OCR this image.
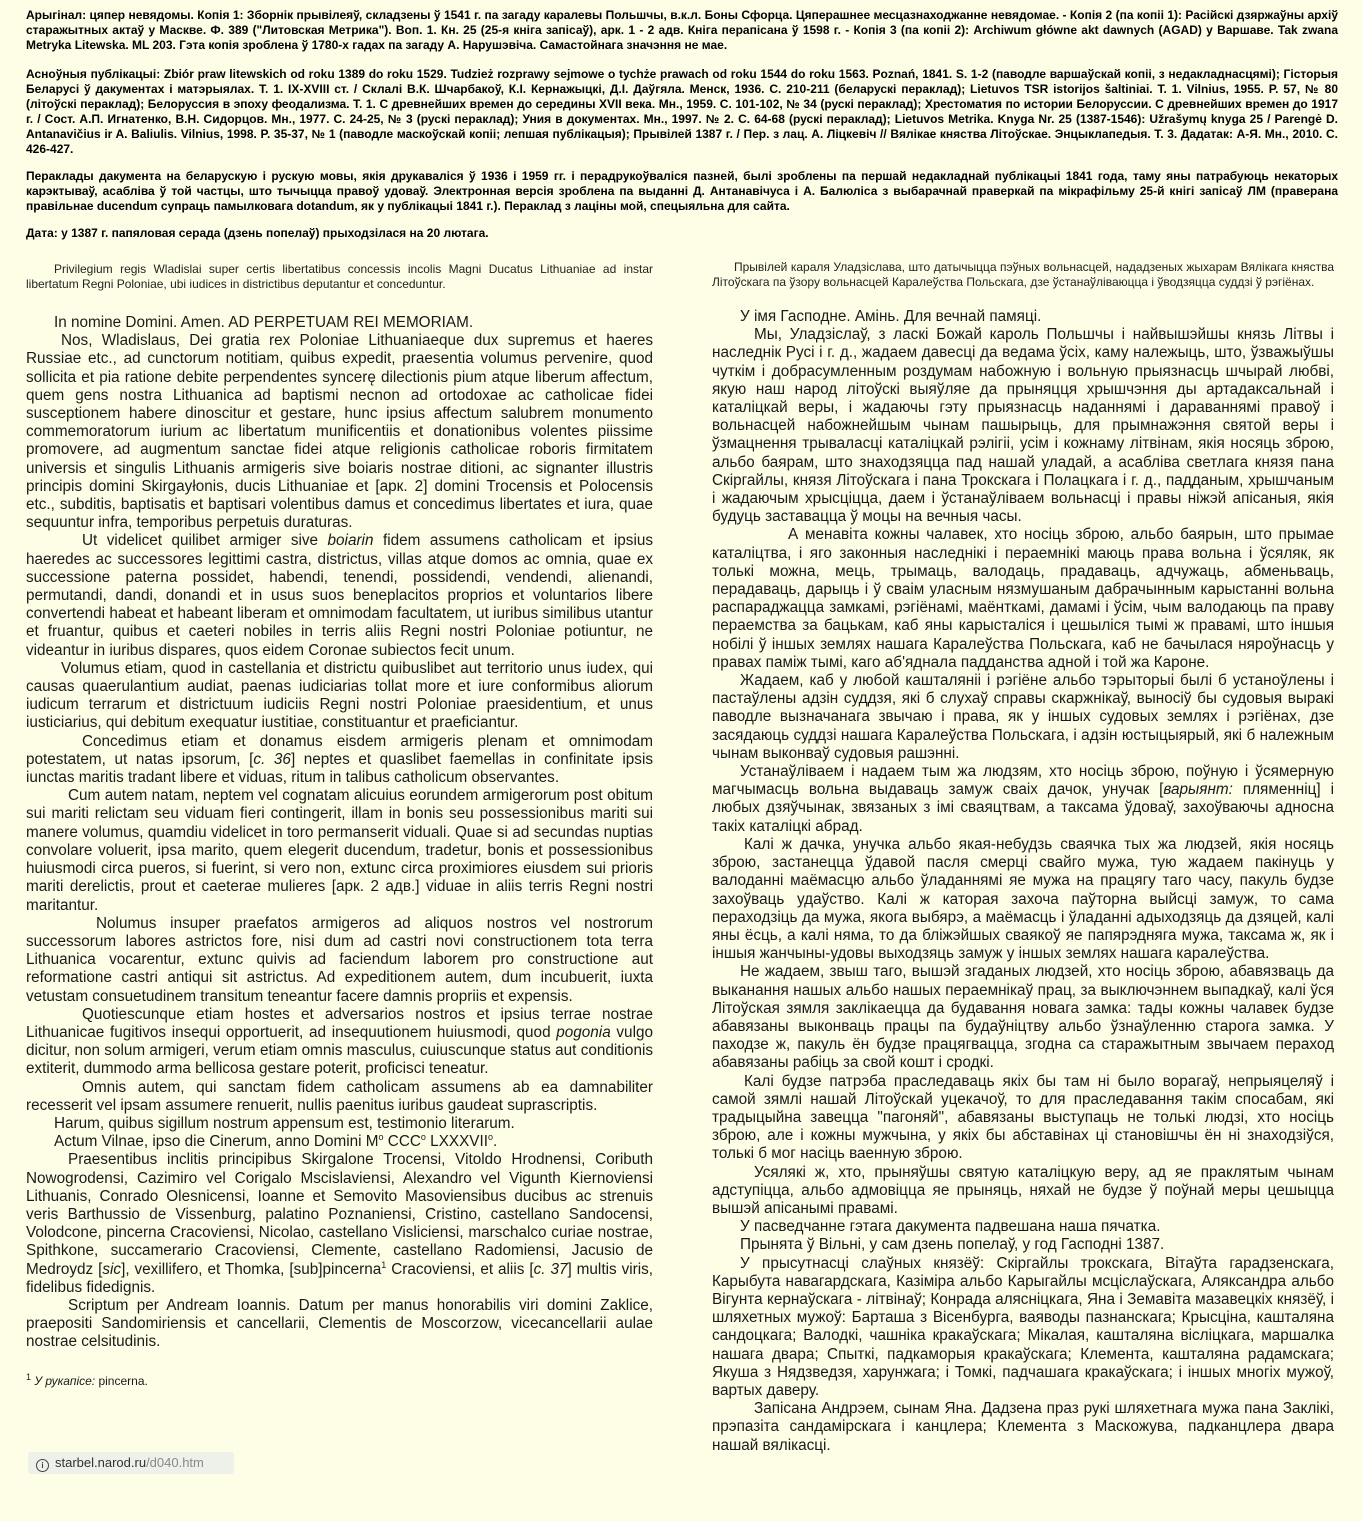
Арыгінал: цяпер невядомы. Копія 1: Зборнік прывілеяў, складзены ў 1541 г. па загаду каралевы Польшчы, в.к.л. Боны Сфорца. Цяперашнее месцазнаходжанне невядомае. - Копія 2 (па копіі 1): Расійскі дзяржаўны архіў старажытных актаў у Маскве. Ф. 389 ("Литовская Метрика"). Воп. 1. Кн. 25 (25-я кніга запісаў), арк. 1 - 2 адв. Кніга перапісана ў 1598 г. - Копія 3 (па копіі 2): Archiwum główne akt dawnych (AGAD) у Варшаве. Tak zwana Metryka Litewska. ML 203. Гэта копія зроблена ў 1780-х гадах па загаду А. Нарушэвіча. Самастойнага значэння не мае.

Асноўныя публікацыі: Zbiór praw litewskich od roku 1389 do roku 1529. Tudzież rozprawy sejmowe o tychże prawach od roku 1544 do roku 1563. Poznań, 1841. S. 1-2 (паводле варшаўскай копіі, з недакладнасцямі); Гісторыя Беларусі ў дакументах і матэрыялах. Т. 1. IX-XVIII ст. / Склалі В.К. Шчарбакоў, К.І. Кернажыцкі, Д.І. Даўгяла. Менск, 1936. С. 210-211 (беларускі пераклад); Lietuvos TSR istorijos šaltiniai. T. 1. Vilnius, 1955. P. 57, № 80 (літоўскі пераклад); Белоруссия в эпоху феодализма. Т. 1. С древнейших времен до середины XVII века. Мн., 1959. С. 101-102, № 34 (рускі пераклад); Хрестоматия по истории Белоруссии. С древнейших времен до 1917 г. / Сост. А.П. Игнатенко, В.Н. Сидорцов. Мн., 1977. С. 24-25, № 3 (рускі пераклад); Уния в документах. Мн., 1997. № 2. С. 64-68 (рускі пераклад); Lietuvos Metrika. Knyga Nr. 25 (1387-1546): Užrašymų knyga 25 / Parengė D. Antanavičius ir A. Baliulis. Vilnius, 1998. P. 35-37, № 1 (паводле маскоўскай копіі; лепшая публікацыя); Прывілей 1387 г. / Пер. з лац. А. Ліцкевіч // Вялікае княства Літоўскае. Энцыклапедыя. Т. 3. Дадатак: А-Я. Мн., 2010. С. 426-427.

Пераклады дакумента на беларускую і рускую мовы, якія друкаваліся ў 1936 і 1959 гг. і перадрукоўваліся пазней, былі зроблены па першай недакладнай публікацыі 1841 года, таму яны патрабуюць некаторых карэктываў, асабліва ў той частцы, што тычыцца правоў удоваў. Электронная версія зроблена па выданні Д. Антанавічуса і А. Балюліса з выбарачнай праверкай па мікрафільму 25-й кнігі запісаў ЛМ (праверана правільнае ducendum супраць памылковага dotandum, як у публікацыі 1841 г.). Пераклад з лаціны мой, спецыяльна для сайта.

Дата: у 1387 г. папяловая серада (дзень попелаў) прыходзілася на 20 лютага.

Privilegium regis Wladislai super certis libertatibus concessis incolis Magni Ducatus Lithuaniae ad instar libertatum Regni Poloniae, ubi iudices in districtibus deputantur et conceduntur.

In nomine Domini. Amen. AD PERPETUAM REI MEMORIAM.

Nos, Wladislaus, Dei gratia rex Poloniae Lithuaniaeque dux supremus et haeres Russiae etc., ad cunctorum notitiam, quibus expedit, praesentia volumus pervenire, quod sollicita et pia ratione debite perpendentes syncerę dilectionis pium atque liberum affectum, quem gens nostra Lithuanica ad baptismi necnon ad ortodoxae ac catholicae fidei susceptionem habere dinoscitur et gestare, hunc ipsius affectum salubrem monumento commemoratorum iurium ac libertatum munificentiis et donationibus volentes piissime promovere, ad augmentum sanctae fidei atque religionis catholicae roboris firmitatem universis et singulis Lithuanis armigeris sive boiaris nostrae ditioni, ac signanter illustris principis domini Skirgayłonis, ducis Lithuaniae et [арк. 2] domini Trocensis et Polocensis etc., subditis, baptisatis et baptisari volentibus damus et concedimus libertates et iura, quae sequuntur infra, temporibus perpetuis duraturas.

Ut videlicet quilibet armiger sive boiarin fidem assumens catholicam et ipsius haeredes ac successores legittimi castra, districtus, villas atque domos ac omnia, quae ex successione paterna possidet, habendi, tenendi, possidendi, vendendi, alienandi, permutandi, dandi, donandi et in usus suos beneplacitos proprios et voluntarios libere convertendi habeat et habeant liberam et omnimodam facultatem, ut iuribus similibus utantur et fruantur, quibus et caeteri nobiles in terris aliis Regni nostri Poloniae potiuntur, ne videantur in iuribus dispares, quos eidem Coronae subiectos fecit unum.

Volumus etiam, quod in castellania et districtu quibuslibet aut territorio unus iudex, qui causas quaerulantium audiat, paenas iudiciarias tollat more et iure conformibus aliorum iudicum terrarum et districtuum iudiciis Regni nostri Poloniae praesidentium, et unus iusticiarius, qui debitum exequatur iustitiae, constituantur et praeficiantur.

Concedimus etiam et donamus eisdem armigeris plenam et omnimodam potestatem, ut natas ipsorum, [c. 36] neptes et quaslibet faemellas in confinitate ipsis iunctas maritis tradant libere et viduas, ritum in talibus catholicum observantes.

Cum autem natam, neptem vel cognatam alicuius eorundem armigerorum post obitum sui mariti relictam seu viduam fieri contingerit, illam in bonis seu possessionibus mariti sui manere volumus, quamdiu videlicet in toro permanserit viduali. Quae si ad secundas nuptias convolare voluerit, ipsa marito, quem elegerit ducendum, tradetur, bonis et possessionibus huiusmodi circa pueros, si fuerint, si vero non, extunc circa proximiores eiusdem sui prioris mariti derelictis, prout et caeterae mulieres [арк. 2 адв.] viduae in aliis terris Regni nostri maritantur.

Nolumus insuper praefatos armigeros ad aliquos nostros vel nostrorum successorum labores astrictos fore, nisi dum ad castri novi constructionem tota terra Lithuanica vocarentur, extunc quivis ad faciendum laborem pro constructione aut reformatione castri antiqui sit astrictus. Ad expeditionem autem, dum incubuerit, iuxta vetustam consuetudinem transitum teneantur facere damnis propriis et expensis.

Quotiescunque etiam hostes et adversarios nostros et ipsius terrae nostrae Lithuanicae fugitivos insequi opportuerit, ad insequutionem huiusmodi, quod pogonia vulgo dicitur, non solum armigeri, verum etiam omnis masculus, cuiuscunque status aut conditionis extiterit, dummodo arma bellicosa gestare poterit, proficisci teneatur.

Omnis autem, qui sanctam fidem catholicam assumens ab ea damnabiliter recesserit vel ipsam assumere renuerit, nullis paenitus iuribus gaudeat suprascriptis.

Harum, quibus sigillum nostrum appensum est, testimonio literarum.

Actum Vilnae, ipso die Cinerum, anno Domini $M^o$ CCC$^o$ LXXXVII$^o$.

Praesentibus inclitis principibus Skirgalone Trocensi, Vitoldo Hrodnensi, Coributh Nowogrodensi, Cazimiro vel Corigalo Mscislaviensi, Alexandro vel Vigunth Kiernoviensi Lithuanis, Conrado Olesnicensi, Ioanne et Semovito Masoviensibus ducibus ac strenuis veris Barthussio de Vissenburg, palatino Poznaniensi, Cristino, castellano Sandocensi, Volodcone, pincerna Cracoviensi, Nicolao, castellano Visliciensi, marschalco curiae nostrae, Spithkone, succamerario Cracoviensi, Clemente, castellano Radomiensi, Jacusio de Medroydz [sic], vexillifero, et Thomka, [sub]pincerna$^1$ Cracoviensi, et aliis [c. 37] multis viris, fidelibus fidedignis.

Scriptum per Andream Ioannis. Datum per manus honorabilis viri domini Zaklice, praepositi Sandomiriensis et cancellarii, Clementis de Moscorzow, vicecancellarii aulae nostrae celsitudinis.

$^1$ У рукапісе: pincerna.

Прывілей караля Уладзіслава, што датычыцца пэўных вольнасцей, нададзеных жыхарам Вялікага княства Літоўскага па ўзору вольнасцей Каралеўства Польскага, дзе ўстанаўліваюцца і ўводзяцца суддзі ў рэгіёнах.

У імя Гасподне. Амінь. Для вечнай памяці.

Мы, Уладзіслаў, з ласкі Божай кароль Польшчы і найвышэйшы князь Літвы і наследнік Русі і г. д., жадаем давесці да ведама ўсіх, каму належыць, што, ўзважыўшы чуткім і добрасумленным роздумам набожную і вольную прыязнасць шчырай любві, якую наш народ літоўскі выяўляе да прыняцця хрышчэння ды артадаксальнай і каталіцкай веры, і жадаючы гэту прыязнасць наданнямі і дараваннямі правоў і вольнасцей набожнейшым чынам пашырыць, для прымнажэння святой веры і ўзмацнення трываласці каталіцкай рэлігіі, усім і кожнаму літвінам, якія носяць зброю, альбо баярам, што знаходзяцца пад нашай уладай, а асабліва светлага князя пана Скіргайлы, князя Літоўскага і пана Трокскага і Полацкага і г. д., падданым, хрышчаным і жадаючым хрысціцца, даем і ўстанаўліваем вольнасці і правы ніжэй апісаныя, якія будуць заставацца ў моцы на вечныя часы.

А менавіта кожны чалавек, хто носіць зброю, альбо баярын, што прымае каталіцтва, і яго законныя наследнікі і пераемнікі маюць права вольна і ўсяляк, як толькі можна, мець, трымаць, валодаць, прадаваць, адчужаць, абменьваць, перадаваць, дарыць і ў сваім уласным нязмушаным дабрачынным карыстанні вольна распараджацца замкамі, рэгіёнамі, маёнткамі, дамамі і ўсім, чым валодаюць па праву пераемства за бацькам, каб яны карысталіся і цешыліся тымі ж правамі, што іншыя нобілі ў іншых землях нашага Каралеўства Польскага, каб не бачылася няроўнасць у правах паміж тымі, каго аб'яднала падданства адной і той жа Кароне.

Жадаем, каб у любой кашталяніі і рэгіёне альбо тэрыторыі былі б устаноўлены і пастаўлены адзін суддзя, які б слухаў справы скаржнікаў, выносіў бы судовыя выракі паводле вызначанага звычаю і права, як у іншых судовых землях і рэгіёнах, дзе засядаюць суддзі нашага Каралеўства Польскага, і адзін юстыцыярый, які б належным чынам выконваў судовыя рашэнні.

Устанаўліваем і надаем тым жа людзям, хто носіць зброю, поўную і ўсямерную магчымасць вольна выдаваць замуж сваіх дачок, унучак [варыянт: пляменніц] і любых дзяўчынак, звязаных з імі сваяцтвам, а таксама ўдоваў, захоўваючы адносна такіх каталіцкі абрад.

Калі ж дачка, унучка альбо якая-небудзь сваячка тых жа людзей, якія носяць зброю, застанецца ўдавой пасля смерці свайго мужа, тую жадаем пакінуць у валоданні маёмасцю альбо ўладаннямі яе мужа на працягу таго часу, пакуль будзе захоўваць удаўство. Калі ж каторая захоча паўторна выйсці замуж, то сама пераходзіць да мужа, якога выбярэ, а маёмасць і ўладанні адыходзяць да дзяцей, калі яны ёсць, а калі няма, то да бліжэйшых сваякоў яе папярэдняга мужа, таксама ж, як і іншыя жанчыны-удовы выходзяць замуж у іншых землях нашага каралеўства.

Не жадаем, звыш таго, вышэй згаданых людзей, хто носіць зброю, абавязваць да выканання нашых альбо нашых пераемнікаў прац, за выключэннем выпадкаў, калі ўся Літоўская зямля заклікаецца да будавання новага замка: тады кожны чалавек будзе абавязаны выконваць працы па будаўніцтву альбо ўзнаўленню старога замка. У паходзе ж, пакуль ён будзе працягвацца, згодна са старажытным звычаем пераход абавязаны рабіць за свой кошт і сродкі.

Калі будзе патрэба праследаваць якіх бы там ні было ворагаў, непрыяцеляў і самой зямлі нашай Літоўскай уцекачоў, то для праследавання такім спосабам, які традыцыйна завецца "пагоняй", абавязаны выступаць не толькі людзі, хто носіць зброю, але і кожны мужчына, у якіх бы абставінах ці становішчы ён ні знаходзіўся, толькі б мог насіць ваенную зброю.

Усялякі ж, хто, прыняўшы святую каталіцкую веру, ад яе праклятым чынам адступіцца, альбо адмовіцца яе прыняць, няхай не будзе ў поўнай меры цешыцца вышэй апісанымі правамі.

У пасведчанне гэтага дакумента падвешана наша пячатка.

Прынята ў Вільні, у сам дзень попелаў, у год Гасподні 1387.

У прысутнасці слаўных князёў: Скіргайлы трокскага, Вітаўта гарадзенскага, Карыбута навагардскага, Казіміра альбо Карыгайлы мсціслаўскага, Аляксандра альбо Вігунта кернаўскага - літвінаў; Конрада алясніцкага, Яна і Земавіта мазавецкіх князёў, і шляхетных мужоў: Барташа з Вісенбурга, ваяводы пазнанскага; Крысціна, кашталяна сандоцкага; Валодкі, чашніка кракаўскага; Мікалая, кашталяна вісліцкага, маршалка нашага двара; Спыткі, падкаморыя кракаўскага; Клемента, кашталяна радамскага; Якуша з Нядзведзя, харунжага; і Томкі, падчашага кракаўскага; і іншых многіх мужоў, вартых даверу.

Запісана Андрэем, сынам Яна. Дадзена праз рукі шляхетнага мужа пана Заклікі, прэпазіта сандамірскага і канцлера; Клемента з Маскожува, падканцлера двара нашай вялікасці.

i starbel.narod.ru/d040.htm
